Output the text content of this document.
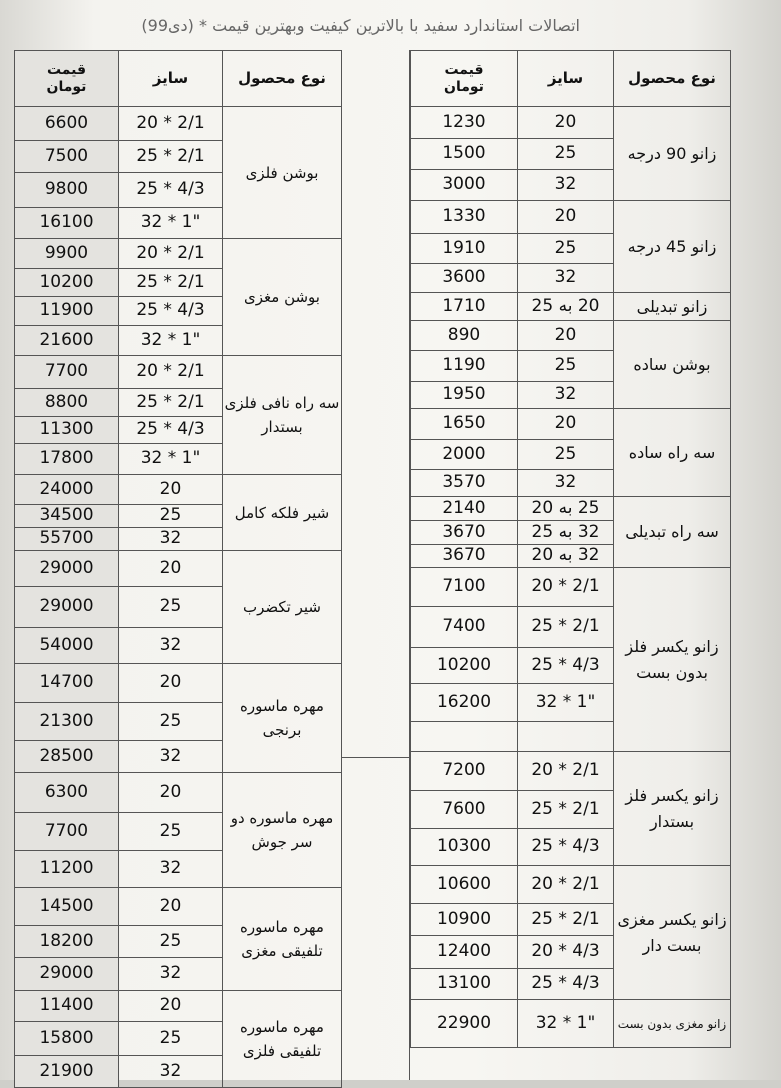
اتصالات استاندارد سفید با بالاترین کیفیت وبهترین قیمت * (دی99)
قیمت
تومان	سایز	نوع محصول
6600	2/1 * 20	بوشن فلزی
7500	2/1 * 25	
9800	4/3 * 25	
16100	"1 * 32	
9900	2/1 * 20	بوشن مغزی
10200	2/1 * 25	
11900	4/3 * 25	
21600	"1 * 32	
7700	2/1 * 20	سه راه نافی فلزی بستدار
8800	2/1 * 25	
11300	4/3 * 25	
17800	"1 * 32	
24000	20	شیر فلکه کامل
34500	25	
55700	32	
29000	20	شیر تکضرب
29000	25	
54000	32	
14700	20	مهره ماسوره برنجی
21300	25	
28500	32	
6300	20	مهره ماسوره دو سر جوش
7700	25	
11200	32	
14500	20	مهره ماسوره تلفیقی مغزی
18200	25	
29000	32	
11400	20	مهره ماسوره تلفیقی فلزی
15800	25	
21900	32	
قیمت
تومان	سایز	نوع محصول
1230	20	زانو 90 درجه
1500	25	
3000	32	
1330	20	زانو 45 درجه
1910	25	
3600	32	
1710	20 به 25	زانو تبدیلی
890	20	بوشن ساده
1190	25	
1950	32	
1650	20	سه راه ساده
2000	25	
3570	32	
2140	25 به 20	سه راه تبدیلی
3670	32 به 25	
3670	32 به 20	
7100	2/1 * 20	زانو یکسر فلز بدون بست
7400	2/1 * 25	
10200	4/3 * 25	
16200	"1 * 32	

7200	2/1 * 20	زانو یکسر فلز بستدار
7600	2/1 * 25	
10300	4/3 * 25	
10600	2/1 * 20	زانو یکسر مغزی بست دار
10900	2/1 * 25	
12400	4/3 * 20	
13100	4/3 * 25	
22900	"1 * 32	زانو مغزی بدون بست
